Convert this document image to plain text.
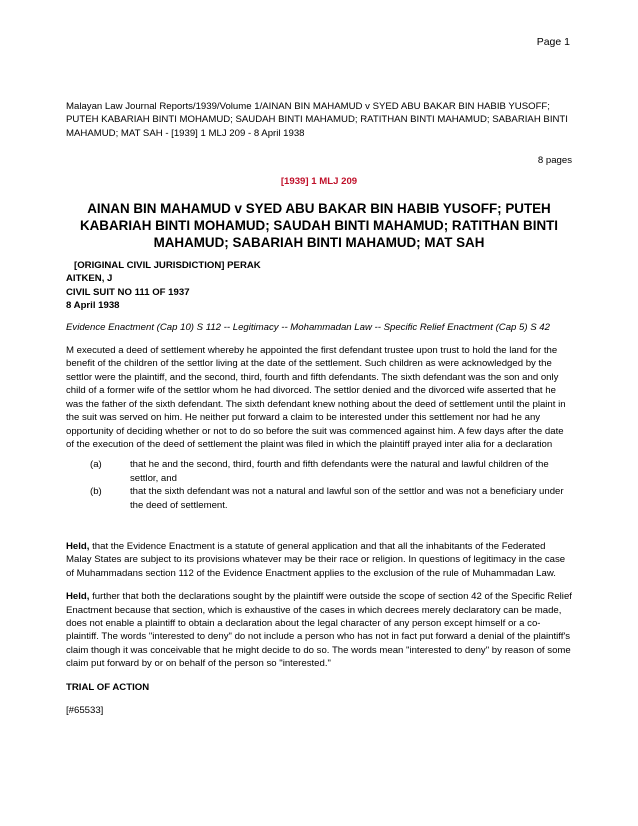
Page 1

Malayan Law Journal Reports/1939/Volume 1/AINAN BIN MAHAMUD v SYED ABU BAKAR BIN HABIB YUSOFF; PUTEH KABARIAH BINTI MOHAMUD; SAUDAH BINTI MAHAMUD; RATITHAN BINTI MAHAMUD; SABARIAH BINTI MAHAMUD; MAT SAH - [1939] 1 MLJ 209 - 8 April 1938

8 pages
[1939] 1 MLJ 209
AINAN BIN MAHAMUD v SYED ABU BAKAR BIN HABIB YUSOFF; PUTEH KABARIAH BINTI MOHAMUD; SAUDAH BINTI MAHAMUD; RATITHAN BINTI MAHAMUD; SABARIAH BINTI MAHAMUD; MAT SAH
[ORIGINAL CIVIL JURISDICTION] PERAK
AITKEN, J
CIVIL SUIT NO 111 OF 1937
8 April 1938

Evidence Enactment (Cap 10) S 112 -- Legitimacy -- Mohammadan Law -- Specific Relief Enactment (Cap 5) S 42

M executed a deed of settlement whereby he appointed the first defendant trustee upon trust to hold the land for the benefit of the children of the settlor living at the date of the settlement. Such children as were acknowledged by the settlor were the plaintiff, and the second, third, fourth and fifth defendants. The sixth defendant was the son and only child of a former wife of the settlor whom he had divorced. The settlor denied and the divorced wife asserted that he was the father of the sixth defendant. The sixth defendant knew nothing about the deed of settlement until the plaint in the suit was served on him. He neither put forward a claim to be interested under this settlement nor had he any opportunity of deciding whether or not to do so before the suit was commenced against him. A few days after the date of the execution of the deed of settlement the plaint was filed in which the plaintiff prayed inter alia for a declaration

(a)	that he and the second, third, fourth and fifth defendants were the natural and lawful children of the settlor, and
(b)	that the sixth defendant was not a natural and lawful son of the settlor and was not a beneficiary under the deed of settlement.

Held, that the Evidence Enactment is a statute of general application and that all the inhabitants of the Federated Malay States are subject to its provisions whatever may be their race or religion. In questions of legitimacy in the case of Muhammadans section 112 of the Evidence Enactment applies to the exclusion of the rule of Muhammadan Law.

Held, further that both the declarations sought by the plaintiff were outside the scope of section 42 of the Specific Relief Enactment because that section, which is exhaustive of the cases in which decrees merely declaratory can be made, does not enable a plaintiff to obtain a declaration about the legal character of any person except himself or a co-plaintiff. The words "interested to deny" do not include a person who has not in fact put forward a denial of the plaintiff's claim though it was conceivable that he might decide to do so. The words mean "interested to deny" by reason of some claim put forward by or on behalf of the person so "interested."

TRIAL OF ACTION
[#65533]
